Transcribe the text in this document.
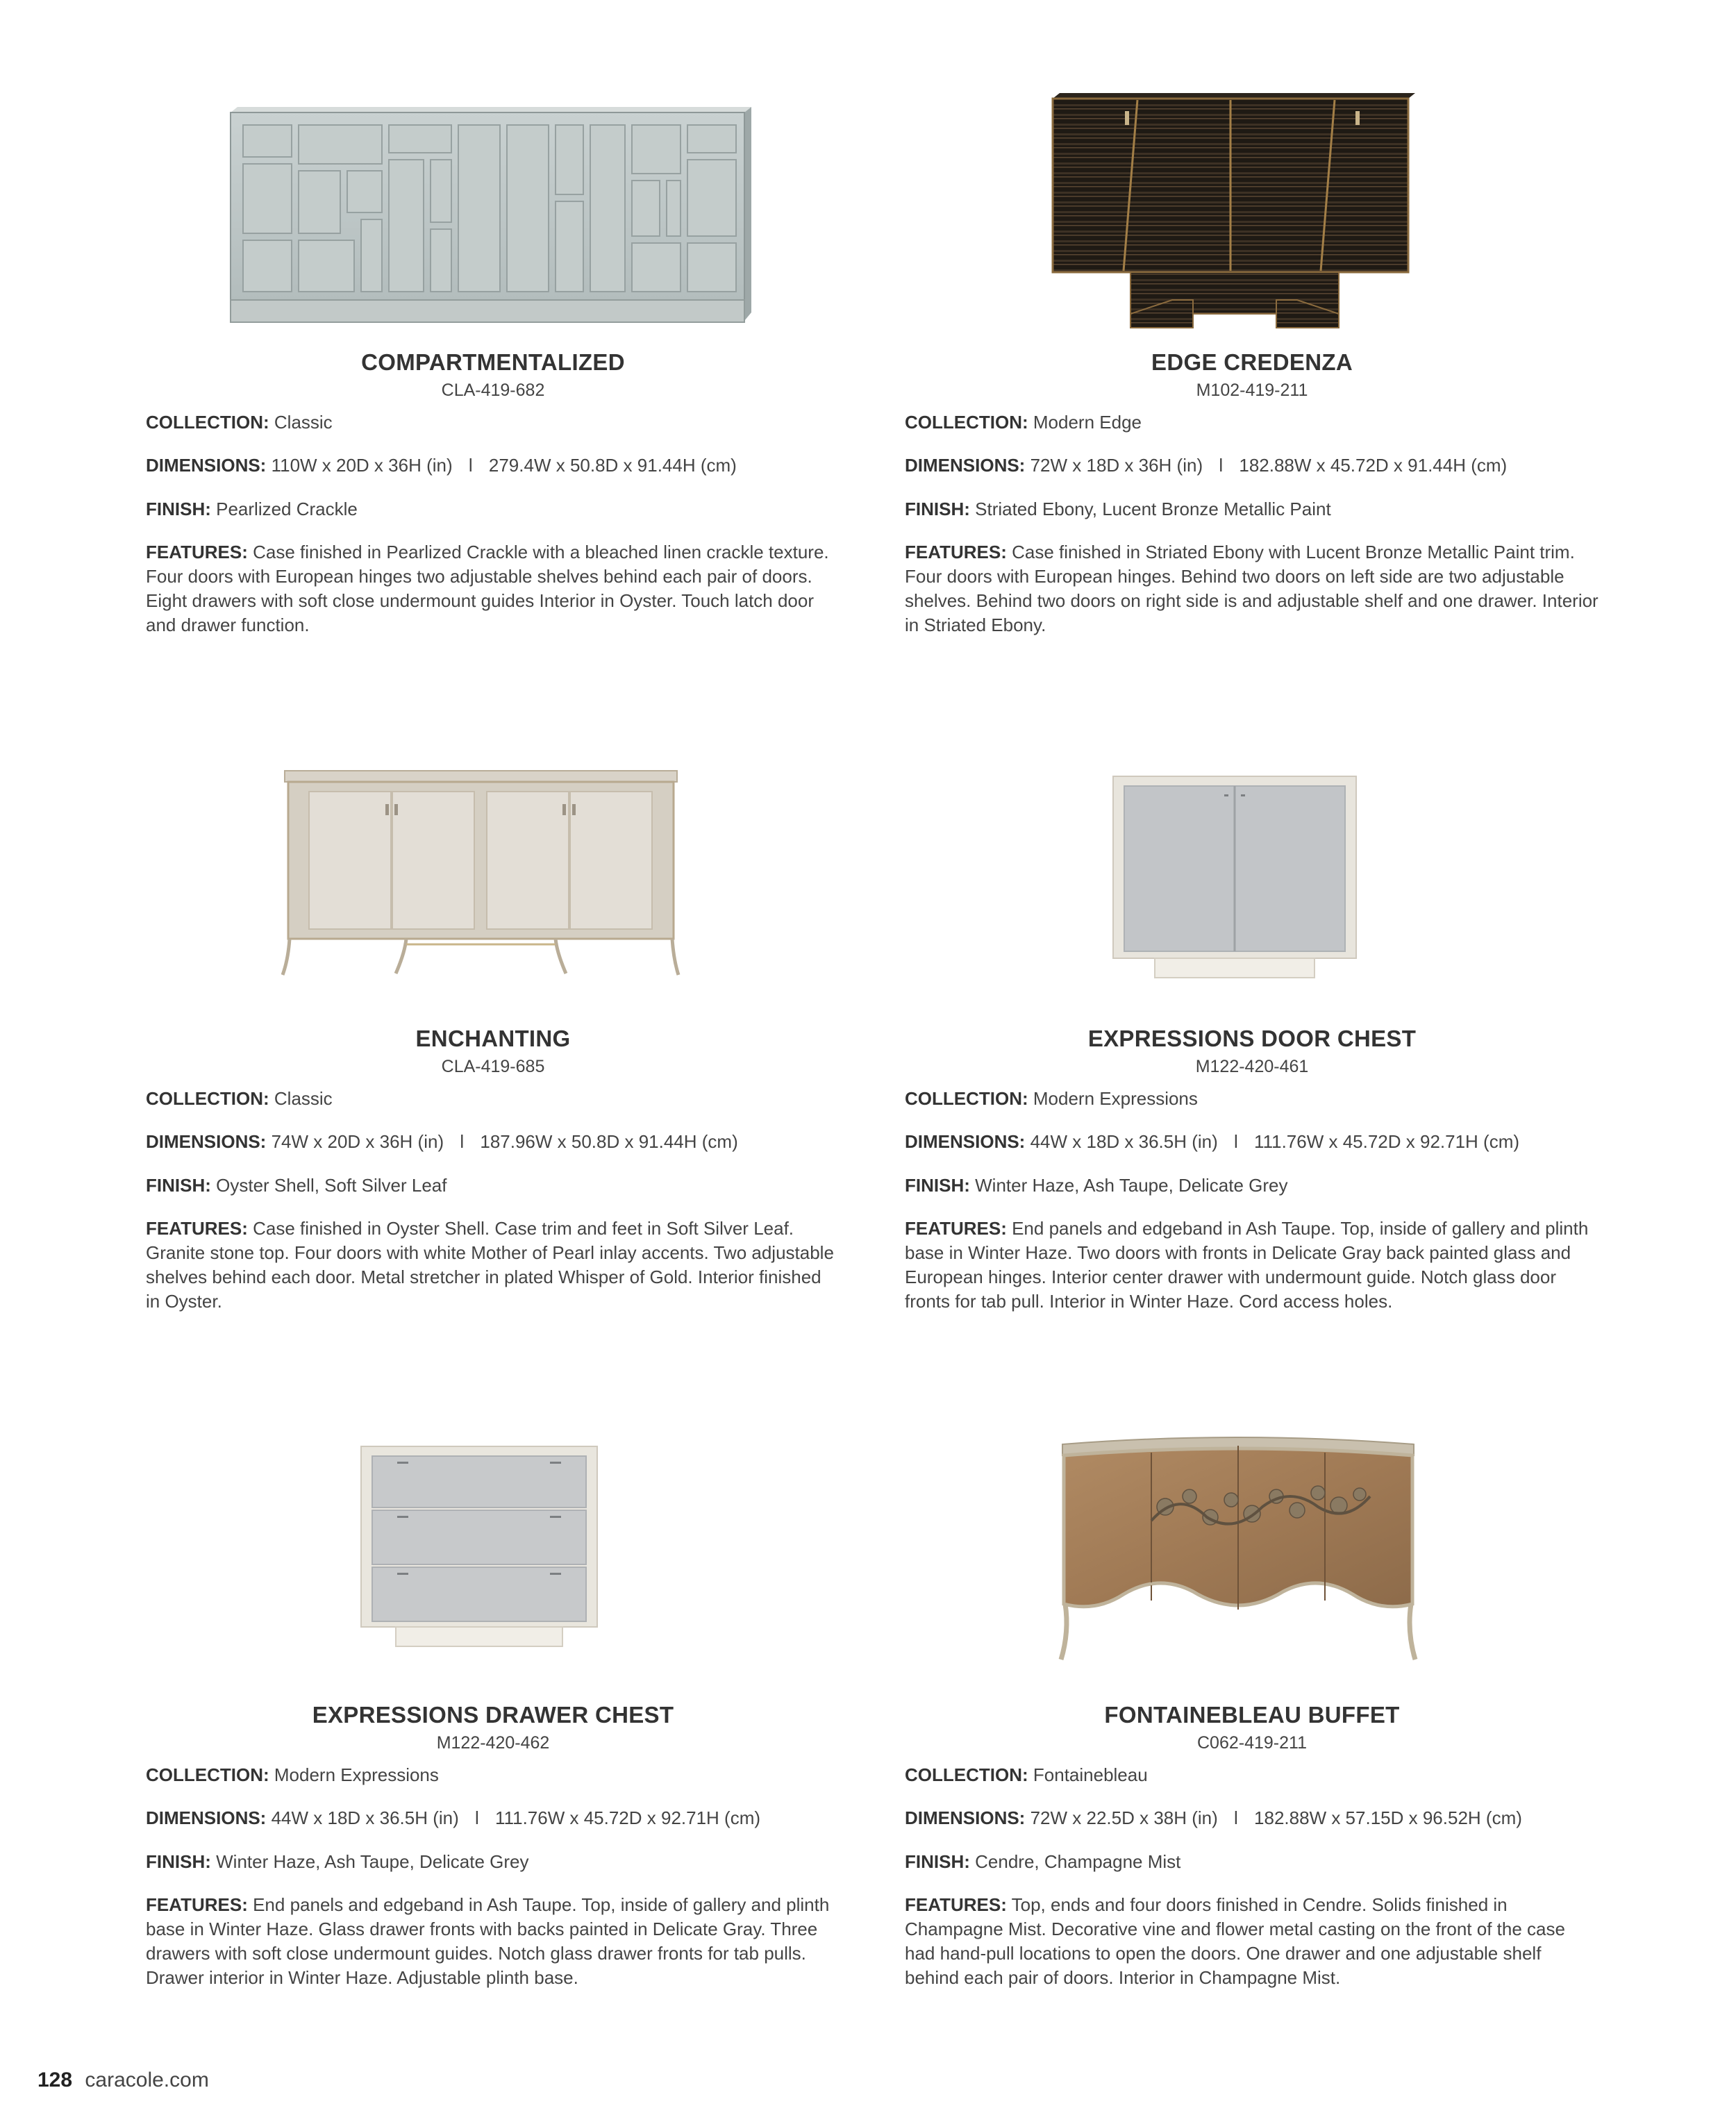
COMPARTMENTALIZED
CLA-419-682
COLLECTION: Classic
DIMENSIONS: 110W x 20D x 36H (in) l 279.4W x 50.8D x 91.44H (cm)
FINISH: Pearlized Crackle
FEATURES: Case finished in Pearlized Crackle with a bleached linen crackle texture. Four doors with European hinges two adjustable shelves behind each pair of doors. Eight drawers with soft close undermount guides Interior in Oyster. Touch latch door and drawer function.
EDGE CREDENZA
M102-419-211
COLLECTION: Modern Edge
DIMENSIONS: 72W x 18D x 36H (in) l 182.88W x 45.72D x 91.44H (cm)
FINISH: Striated Ebony, Lucent Bronze Metallic Paint
FEATURES: Case finished in Striated Ebony with Lucent Bronze Metallic Paint trim. Four doors with European hinges. Behind two doors on left side are two adjustable shelves. Behind two doors on right side is and adjustable shelf and one drawer. Interior in Striated Ebony.
ENCHANTING
CLA-419-685
COLLECTION: Classic
DIMENSIONS: 74W x 20D x 36H (in) l 187.96W x 50.8D x 91.44H (cm)
FINISH: Oyster Shell, Soft Silver Leaf
FEATURES: Case finished in Oyster Shell. Case trim and feet in Soft Silver Leaf. Granite stone top. Four doors with white Mother of Pearl inlay accents. Two adjustable shelves behind each door. Metal stretcher in plated Whisper of Gold. Interior finished in Oyster.
EXPRESSIONS DOOR CHEST
M122-420-461
COLLECTION: Modern Expressions
DIMENSIONS: 44W x 18D x 36.5H (in) l 111.76W x 45.72D x 92.71H (cm)
FINISH: Winter Haze, Ash Taupe, Delicate Grey
FEATURES: End panels and edgeband in Ash Taupe. Top, inside of gallery and plinth base in Winter Haze. Two doors with fronts in Delicate Gray back painted glass and European hinges. Interior center drawer with undermount guide. Notch glass door fronts for tab pull. Interior in Winter Haze. Cord access holes.
EXPRESSIONS DRAWER CHEST
M122-420-462
COLLECTION: Modern Expressions
DIMENSIONS: 44W x 18D x 36.5H (in) l 111.76W x 45.72D x 92.71H (cm)
FINISH: Winter Haze, Ash Taupe, Delicate Grey
FEATURES: End panels and edgeband in Ash Taupe. Top, inside of gallery and plinth base in Winter Haze. Glass drawer fronts with backs painted in Delicate Gray. Three drawers with soft close undermount guides. Notch glass drawer fronts for tab pulls. Drawer interior in Winter Haze. Adjustable plinth base.
FONTAINEBLEAU BUFFET
C062-419-211
COLLECTION: Fontainebleau
DIMENSIONS: 72W x 22.5D x 38H (in) l 182.88W x 57.15D x 96.52H (cm)
FINISH: Cendre, Champagne Mist
FEATURES: Top, ends and four doors finished in Cendre. Solids finished in Champagne Mist. Decorative vine and flower metal casting on the front of the case had hand-pull locations to open the doors. One drawer and one adjustable shelf behind each pair of doors. Interior in Champagne Mist.
128 caracole.com
